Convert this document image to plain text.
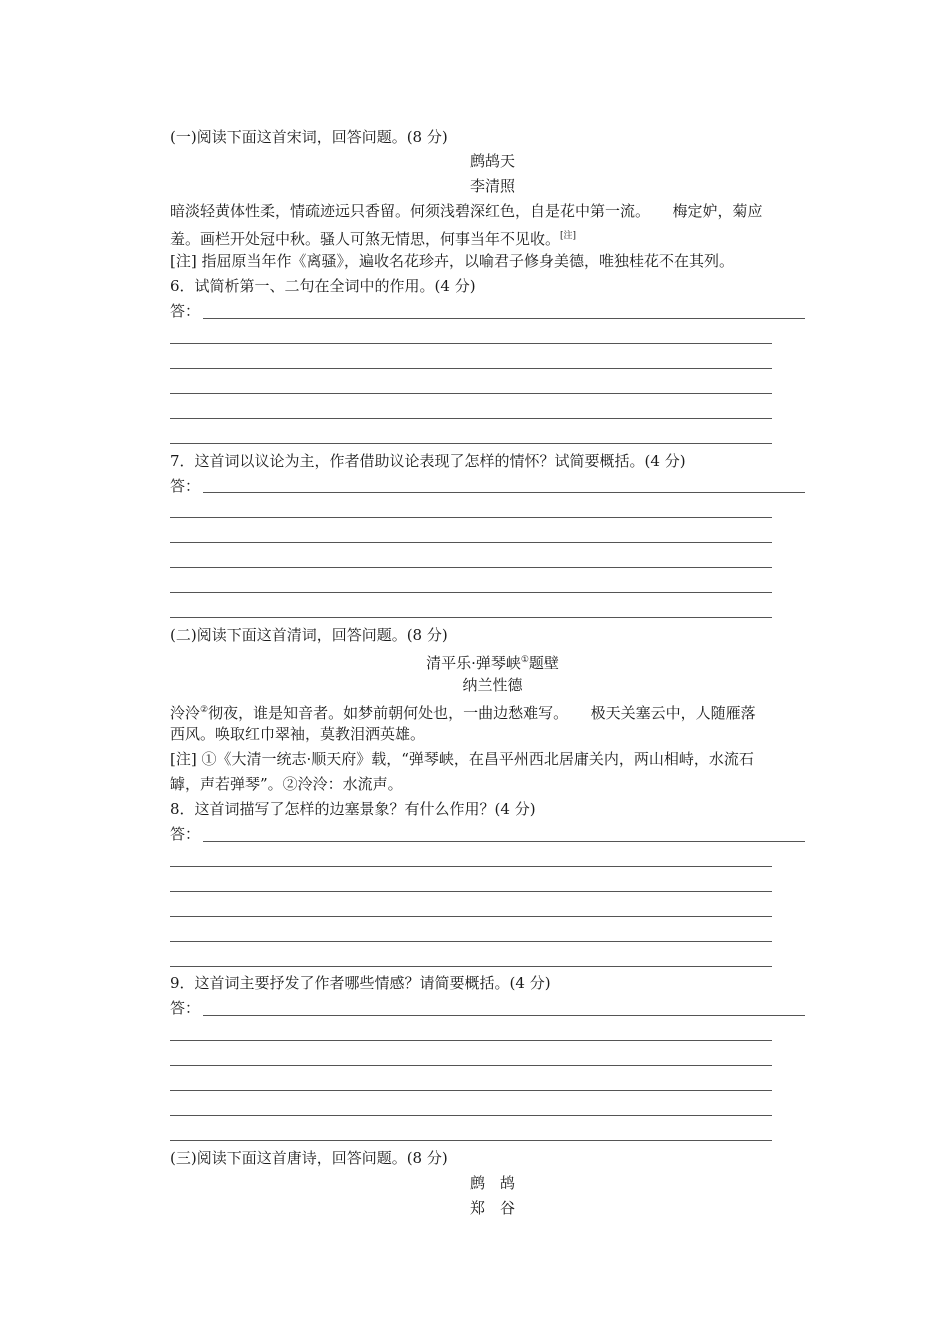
(一)阅读下面这首宋词，回答问题。(8 分)
鹧鸪天
李清照
暗淡轻黄体性柔，情疏迹远只香留。何须浅碧深红色，自是花中第一流。　　梅定妒，菊应
羞。画栏开处冠中秋。骚人可煞无情思，何事当年不见收。[注]
[注] 指屈原当年作《离骚》，遍收名花珍卉，以喻君子修身美德，唯独桂花不在其列。
6．试简析第一、二句在全词中的作用。(4 分)
答：
7．这首词以议论为主，作者借助议论表现了怎样的情怀？试简要概括。(4 分)
答：
(二)阅读下面这首清词，回答问题。(8 分)
清平乐·弹琴峡①题壁
纳兰性德
泠泠②彻夜，谁是知音者。如梦前朝何处也，一曲边愁难写。　　极天关塞云中，人随雁落
西风。唤取红巾翠袖，莫教泪洒英雄。
[注] ①《大清一统志·顺天府》载，“弹琴峡，在昌平州西北居庸关内，两山相峙，水流石
罅，声若弹琴”。②泠泠：水流声。
8．这首词描写了怎样的边塞景象？有什么作用？(4 分)
答：
9．这首词主要抒发了作者哪些情感？请简要概括。(4 分)
答：
(三)阅读下面这首唐诗，回答问题。(8 分)
鹧　鸪
郑　谷
